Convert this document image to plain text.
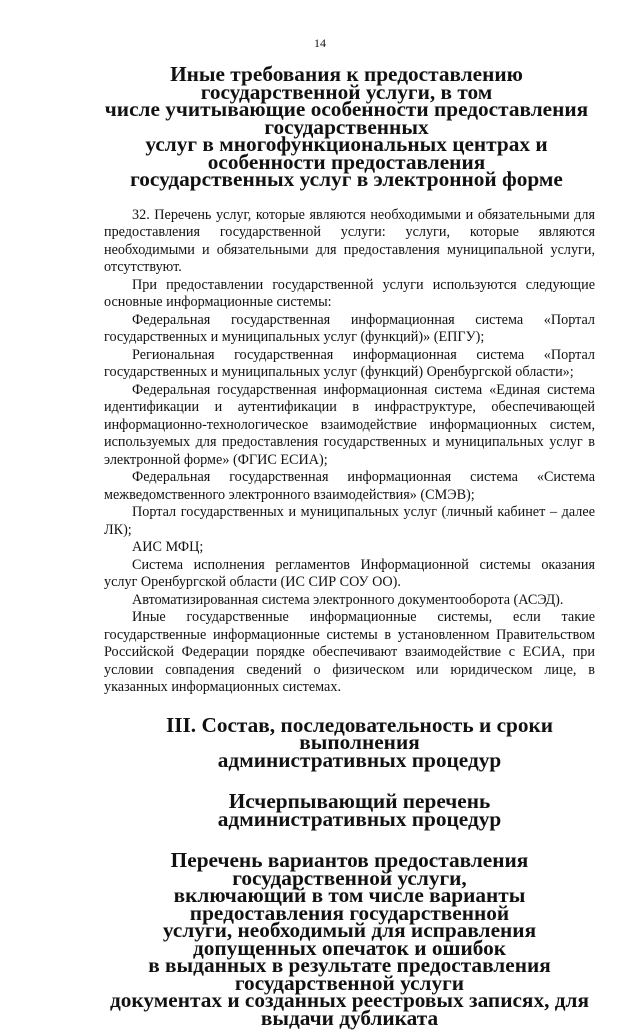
14
Иные требования к предоставлению государственной услуги, в том
числе учитывающие особенности предоставления государственных
услуг в многофункциональных центрах и особенности предоставления
государственных услуг в электронной форме

32. Перечень услуг, которые являются необходимыми и обязательными для предоставления государственной услуги: услуги, которые являются необходимыми и обязательными для предоставления муниципальной услуги, отсутствуют.

При предоставлении государственной услуги используются следующие основные информационные системы:

Федеральная государственная информационная система «Портал государственных и муниципальных услуг (функций)» (ЕПГУ);

Региональная государственная информационная система «Портал государственных и муниципальных услуг (функций) Оренбургской области»;

Федеральная государственная информационная система «Единая система идентификации и аутентификации в инфраструктуре, обеспечивающей информационно-технологическое взаимодействие информационных систем, используемых для предоставления государственных и муниципальных услуг в электронной форме» (ФГИС ЕСИА);

Федеральная государственная информационная система «Система межведомственного электронного взаимодействия» (СМЭВ);

Портал государственных и муниципальных услуг (личный кабинет – далее ЛК);

АИС МФЦ;

Система исполнения регламентов Информационной системы оказания услуг Оренбургской области (ИС СИР СОУ ОО).

Автоматизированная система электронного документооборота (АСЭД).

Иные государственные информационные системы, если такие государственные информационные системы в установленном Правительством Российской Федерации порядке обеспечивают взаимодействие с ЕСИА, при условии совпадения сведений о физическом или юридическом лице, в указанных информационных системах.

III. Состав, последовательность и сроки выполнения
административных процедур
Исчерпывающий перечень административных процедур
Перечень вариантов предоставления государственной услуги,
включающий в том числе варианты предоставления государственной
услуги, необходимый для исправления допущенных опечаток и ошибок
в выданных в результате предоставления государственной услуги
документах и созданных реестровых записях, для выдачи дубликата
